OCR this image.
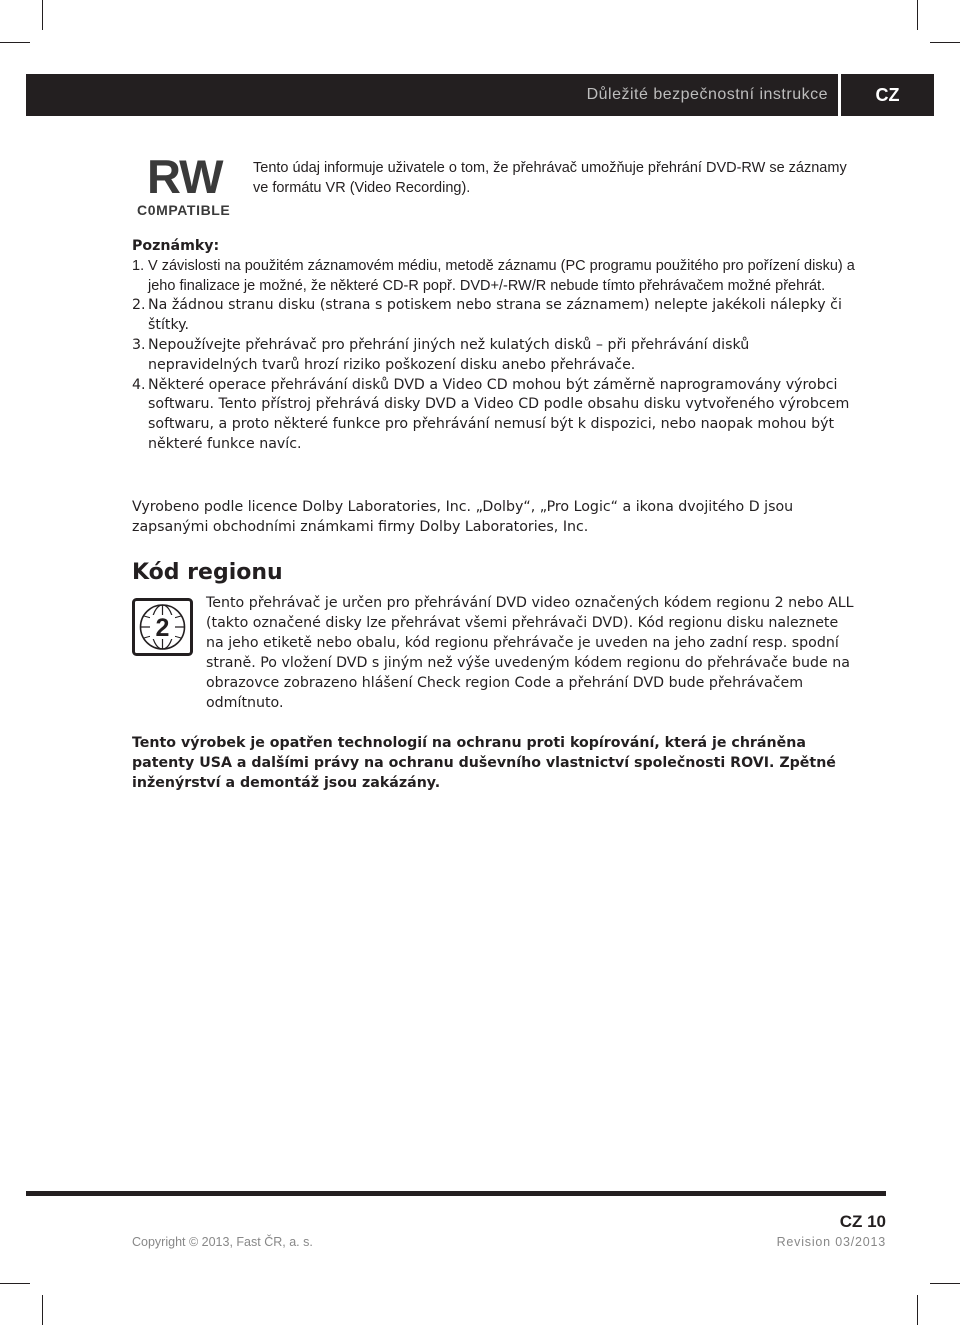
Důležité bezpečnostní instrukce	CZ
RW
C0MPATIBLE
Tento údaj informuje uživatele o tom, že přehrávač umožňuje přehrání DVD-RW se záznamy ve formátu VR (Video Recording).
Poznámky:
1. V závislosti na použitém záznamovém médiu, metodě záznamu (PC programu použitého pro pořízení disku) a jeho finalizace je možné, že některé CD-R popř. DVD+/-RW/R nebude tímto přehrávačem možné přehrát.
2. Na žádnou stranu disku (strana s potiskem nebo strana se záznamem) nelepte jakékoli nálepky či štítky.
3. Nepoužívejte přehrávač pro přehrání jiných než kulatých disků – při přehrávání disků nepravidelných tvarů hrozí riziko poškození disku anebo přehrávače.
4. Některé operace přehrávání disků DVD a Video CD mohou být záměrně naprogramovány výrobci softwaru. Tento přístroj přehrává disky DVD a Video CD podle obsahu disku vytvořeného výrobcem softwaru, a proto některé funkce pro přehrávání nemusí být k dispozici, nebo naopak mohou být některé funkce navíc.
Vyrobeno podle licence Dolby Laboratories, Inc. „Dolby“, „Pro Logic“ a ikona dvojitého D jsou zapsanými obchodními známkami firmy Dolby Laboratories, Inc.
Kód regionu
2
Tento přehrávač je určen pro přehrávání DVD video označených kódem regionu 2 nebo ALL (takto označené disky lze přehrávat všemi přehrávači DVD). Kód regionu disku naleznete na jeho etiketě nebo obalu, kód regionu přehrávače je uveden na jeho zadní resp. spodní straně. Po vložení DVD s jiným než výše uvedeným kódem regionu do přehrávače bude na obrazovce zobrazeno hlášení Check region Code a přehrání DVD bude přehrávačem odmítnuto.
Tento výrobek je opatřen technologií na ochranu proti kopírování, která je chráněna patenty USA a dalšími právy na ochranu duševního vlastnictví společnosti ROVI. Zpětné inženýrství a demontáž jsou zakázány.
CZ 10
Copyright © 2013, Fast ČR, a. s.	Revision 03/2013
